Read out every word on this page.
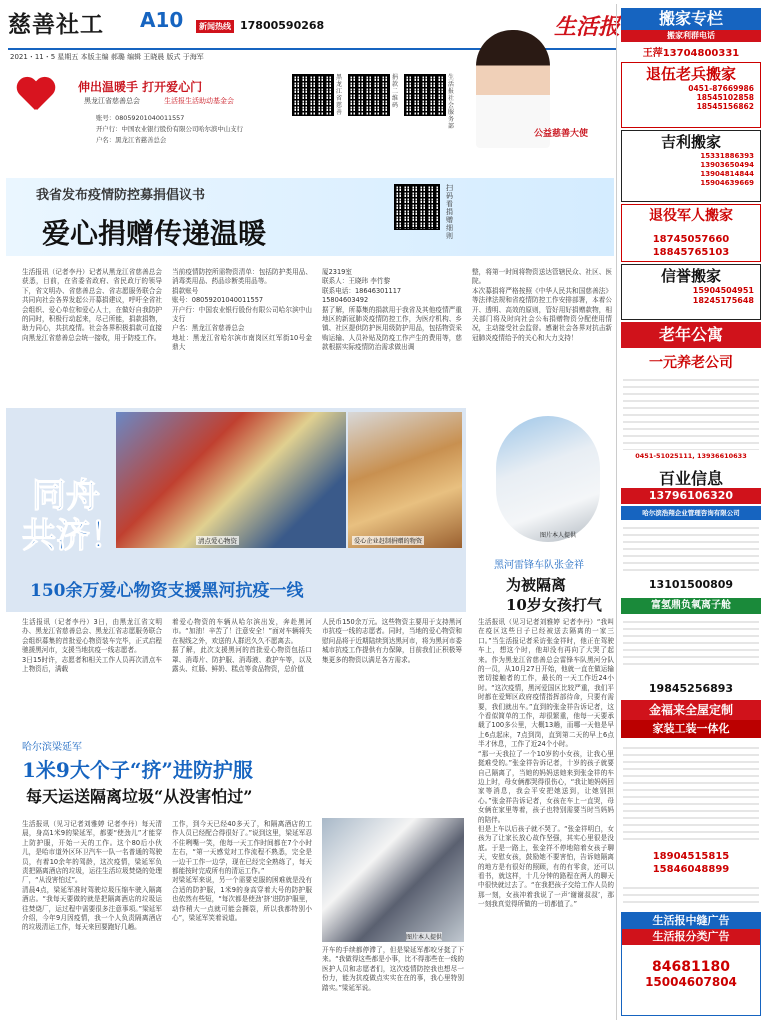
慈善社工 A10	新闻热线 17800590268	生活报
2021・11・5 星期五 本版主编 郝璐 编辑 王晓晨 版式 于海军
伸出温暖手 打开爱心门
黑龙江省慈善总会	生活报生活助动基金会
账号：08059201040011557
开户行：中国农业银行股份有限公司哈尔滨中山支行
户名：黑龙江省慈善总会
黑龙江省慈善
捐款二维码
生活报社会服务部
公益慈善大使
我省发布疫情防控募捐倡议书
爱心捐赠传递温暖
扫码看捐赠细则
生活报讯（记者李丹）记者从黑龙江省慈善总会获悉，目前，在省委省政府、省民政厅的领导下，省文明办、省慈善总会、省志愿服务联合会共同向社会各界发起公开募捐建议，呼吁全省社会组织、爱心单位和爱心人士，在做好自我防护的同时，积极行动起来，尽己所能，捐款捐物，助力同心，共抗疫情。社会各界积极捐款可直接向黑龙江省慈善总会统一接收，用于防疫工作。
当前疫情防控所需物资清单：包括防护类用品、消毒类用品、药品诊断类用品等。
捐款账号
账号：08059201040011557
开户行：中国农业银行股份有限公司哈尔滨中山支行
户名：黑龙江省慈善总会
地址：黑龙江省哈尔滨市南岗区红军街10号金鼎大
厦2319室
联系人：王晓玮 李竹黎
联系电话：18646301117
15804603492
据了解，所募集的捐款用于我省及其他疫情严重地区的新冠肺炎疫情防控工作，为医疗机构、乡镇、社区提供防护医用级防护用品，包括物资采购运输、人员补贴及防疫工作产生的费用等，慈款根据实际疫情防治需求做出调
整，将第一时间将物资送达管辖民众、社区、医院。
本次募捐将严格按照《中华人民共和国慈善法》等法律法规和省疫情防控工作安排部署，本着公开、透明、高效的原则，管好用好捐赠款物，相关部门将及时向社会公布捐赠物资分配使用情况，主动接受社会监督。感谢社会各界对抗击新冠肺炎疫情给予的关心和大力支持！
清点爱心物资	爱心企业赶制捐赠的物资
同舟
共济！
150余万爱心物资支援黑河抗疫一线
生活报讯（记者李丹）3日，由黑龙江省文明办、黑龙江省慈善总会、黑龙江省志愿服务联合会组织募集的首批爱心物资装车完毕，正式启程驰援黑河市，支援当地抗疫一线志愿者。
3日15时许，志愿者和相关工作人员再次清点车上物资后，满载
着爱心物资的车辆从哈尔滨出发，奔赴黑河市。“加油！辛苦了！注意安全！”面对车辆将失在视线之外，欢送的人群迟久久不愿离去。
据了解，此次支援黑河的首批爱心物资包括口罩、消毒片、防护服、消毒液、救护车等，以及露头、红肠、鲜奶、糕点等食品物资，总价值
人民币150余万元。这些物资主要用于支持黑河市抗疫一线的志愿者。同时，当地的爱心物资和慰问品将于近期陆续到达黑河市，将为黑河市委城市抗疫工作提供有力保障，目前我们正积极筹集更多的物资以满足各方需求。
图片本人提供
黑河雷锋车队张金祥
为被隔离
10岁女孩打气
生活报讯（见习记者刘雅婷 记者李丹）“我叫在疫区这些日子已经被送去隔离的一家三口。”当生活报记者采访张金祥时，他正在驾驶车上，想这个时，他却没有再向了大哭了起来。作为黑龙江省慈善总会雷锋车队黑河分队的一员，从10月27日开始，他就一直在做运输密切接触者的工作，最长的一天工作近24小时。“这次疫情，黑河爱国区比较严重，我们平时都在爱辉区政府疫情指挥部待命，只要有需要，我们就出车。”直到的张金祥告诉记者，这个看似简单的工作，却很繁重，他每一天要承载了100多公里，大概13趟，而哪一天他是早上6点起床，7点到岗，直到第二天的早上6点半才休息，工作了近24个小时。
“那一天我拉了一个10岁的小女孩，让我心里挺难受的。”张金祥告诉记者，十岁的孩子就要自己隔离了，当她的妈妈送她来到张金祥的车边上时，母女俩都哭得很伤心，“我让她妈妈回家等消息，我会平安把她送到，让她别担心。”张金祥告诉记者，女孩在车上一直哭，母女俩在家里等着，孩子也特别需要当时当妈妈的陪伴。
但是上车以后孩子就不哭了。“张金祥明白，女孩为了让家长放心故作坚强，其实心里很是没底。于是一路上，张金祥不停地陪着女孩子聊天，安慰女孩，鼓励她不要害怕，告诉她隔离的地方是有很好的照顾，有的有零食，还可以看书，就这样，十几分钟的路程在两人的聊天中很快就过去了。“在我把孩子交给工作人员的那一刻，女孩冲着我说了一声‘谢谢叔叔’，那一刻我真觉得所做的一切都值了。”
哈尔滨梁延军
1米9大个子“挤”进防护服
每天运送隔离垃圾“从没害怕过”
生活报讯（见习记者刘雅婷 记者李丹）每天清晨，身高1米9的梁延军，都要“使劲儿”才能穿上防护服，开始一天的工作。这个80后小伙儿，是哈市道外区环卫汽车一队一名普通的驾驶员，有着10余年的驾龄，这次疫情，梁延军负责把隔离酒店的垃圾，运往生活垃圾焚烧的处理厂，“从没害怕过”。
清晨4点，梁延军准时驾驶垃圾压缩车驶入隔离酒店。“我每天要做的就是把隔离酒店的垃圾运往焚烧厂，运过程中需要很多注意事项。”梁延军介绍，今年9月因疫情，我一个人负责隔离酒店的垃圾清运工作，每天来回要跑好几趟。
工作，到今天已经40多天了，和隔离酒店的工作人员已经配合得很好了。”说到这里，梁延军忍不住咧嘴一笑，他每一天工作时间都在7个小时左右，“第一天感觉对工作流程不熟悉，完全是一边干工作一边学，现在已经完全熟练了，每天都能按时完成所有的清运工作。”
对梁延军来说，另一个需要克服的困难就是没有合适的防护服，1米9的身高穿着大号的防护服也依然有些短，“每次都是使劲‘挤’进防护服里，动作稍大一点就可能会撕裂，所以我都特别小心”，梁延军笑着说道。
图片本人提供
开车的手续都停滞了，但是梁延军都咬牙挺了下来。“我做得这些都是小事，比不得那些在一线的医护人员和志愿者们，这次疫情防控我也想尽一份力，能为抗疫做点实实在在的事，我心里特别踏实。”梁延军说。
搬家专栏
搬家利群电话
王萍13704800331
退伍老兵搬家
0451-87669986
18545102858
18545156862
吉利搬家
15331886393
13903650494
13904814844
15904639669
退役军人搬家
18745057660
18845765103
信誉搬家
15904504951
18245175648
老年公寓
一元养老公司
0451-51025111, 13936610633
百业信息
13796106320
哈尔滨浩翔企业管理咨询有限公司
13101500809
富氢鼎负氧离子舱
19845256893
金福来全屋定制
家装工装一体化
18904515815
15846048899
生活报中缝广告
生活报分类广告
84681180
15004607804
